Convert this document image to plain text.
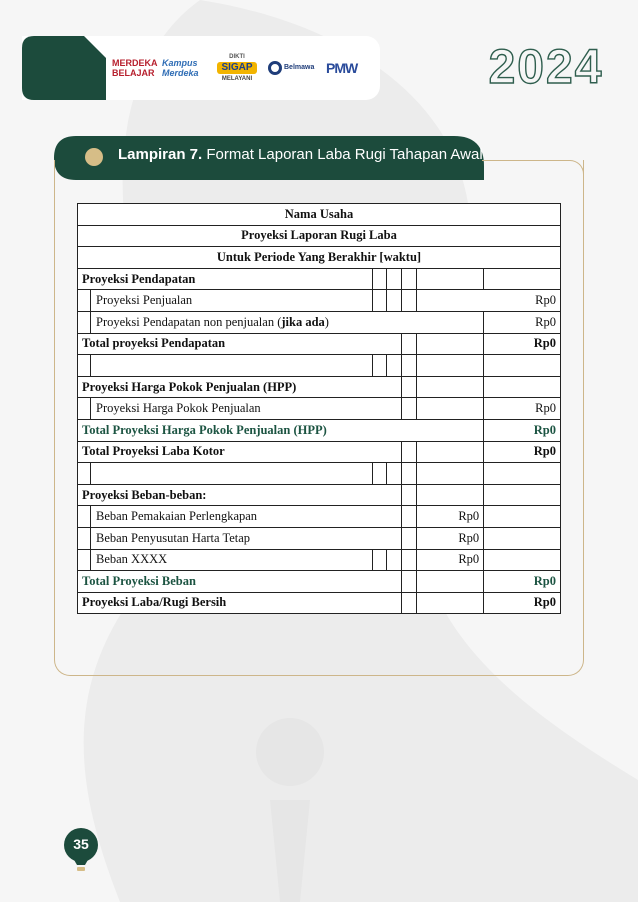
MERDEKA BELAJAR
Kampus Merdeka
DIKTI
SIGAP
MELAYANI
Belmawa PMW	2024
Lampiran 7. Format Laporan Laba Rugi Tahapan Awal
Nama Usaha					
Proyeksi Laporan Rugi Laba					
Untuk Periode Yang Berakhir [waktu]					
Proyeksi Pendapatan					
Proyeksi Penjualan				Rp0	
Proyeksi Pendapatan non penjualan (jika ada)					Rp0
Total proyeksi Pendapatan					Rp0

Proyeksi Harga Pokok Penjualan (HPP)					
Proyeksi Harga Pokok Penjualan					Rp0
Total Proyeksi Harga Pokok Penjualan (HPP)					Rp0
Total Proyeksi Laba Kotor					Rp0

Proyeksi Beban-beban:					
Beban Pemakaian Perlengkapan				Rp0	
Beban Penyusutan Harta Tetap				Rp0	
Beban XXXX				Rp0	
Total Proyeksi Beban					Rp0
Proyeksi Laba/Rugi Bersih					Rp0
35
